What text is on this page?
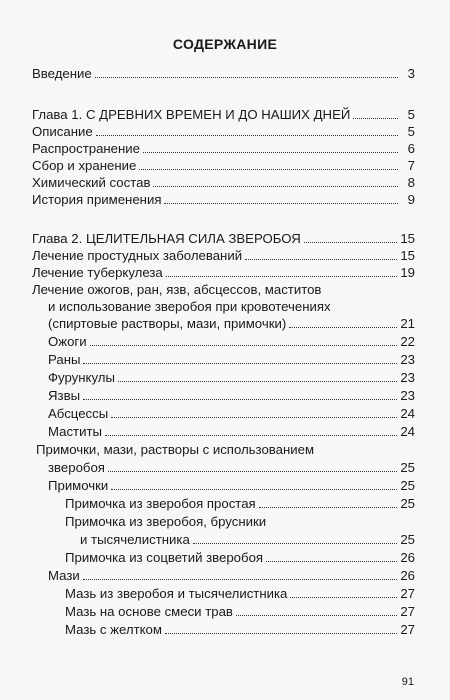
СОДЕРЖАНИЕ
Введение	3
Глава 1. С ДРЕВНИХ ВРЕМЕН И ДО НАШИХ ДНЕЙ	5
Описание	5
Распространение	6
Сбор и хранение	7
Химический состав	8
История применения	9
Глава 2. ЦЕЛИТЕЛЬНАЯ СИЛА ЗВЕРОБОЯ	15
Лечение простудных заболеваний	15
Лечение туберкулеза	19
Лечение ожогов, ран, язв, абсцессов, маститов
и использование зверобоя при кровотечениях
(спиртовые растворы, мази, примочки)	21
Ожоги	22
Раны	23
Фурункулы	23
Язвы	23
Абсцессы	24
Маститы	24
Примочки, мази, растворы с использованием
зверобоя	25
Примочки	25
Примочка из зверобоя простая	25
Примочка из зверобоя, брусники
и тысячелистника	25
Примочка из соцветий зверобоя	26
Мази	26
Мазь из зверобоя и тысячелистника	27
Мазь на основе смеси трав	27
Мазь с желтком	27
91
